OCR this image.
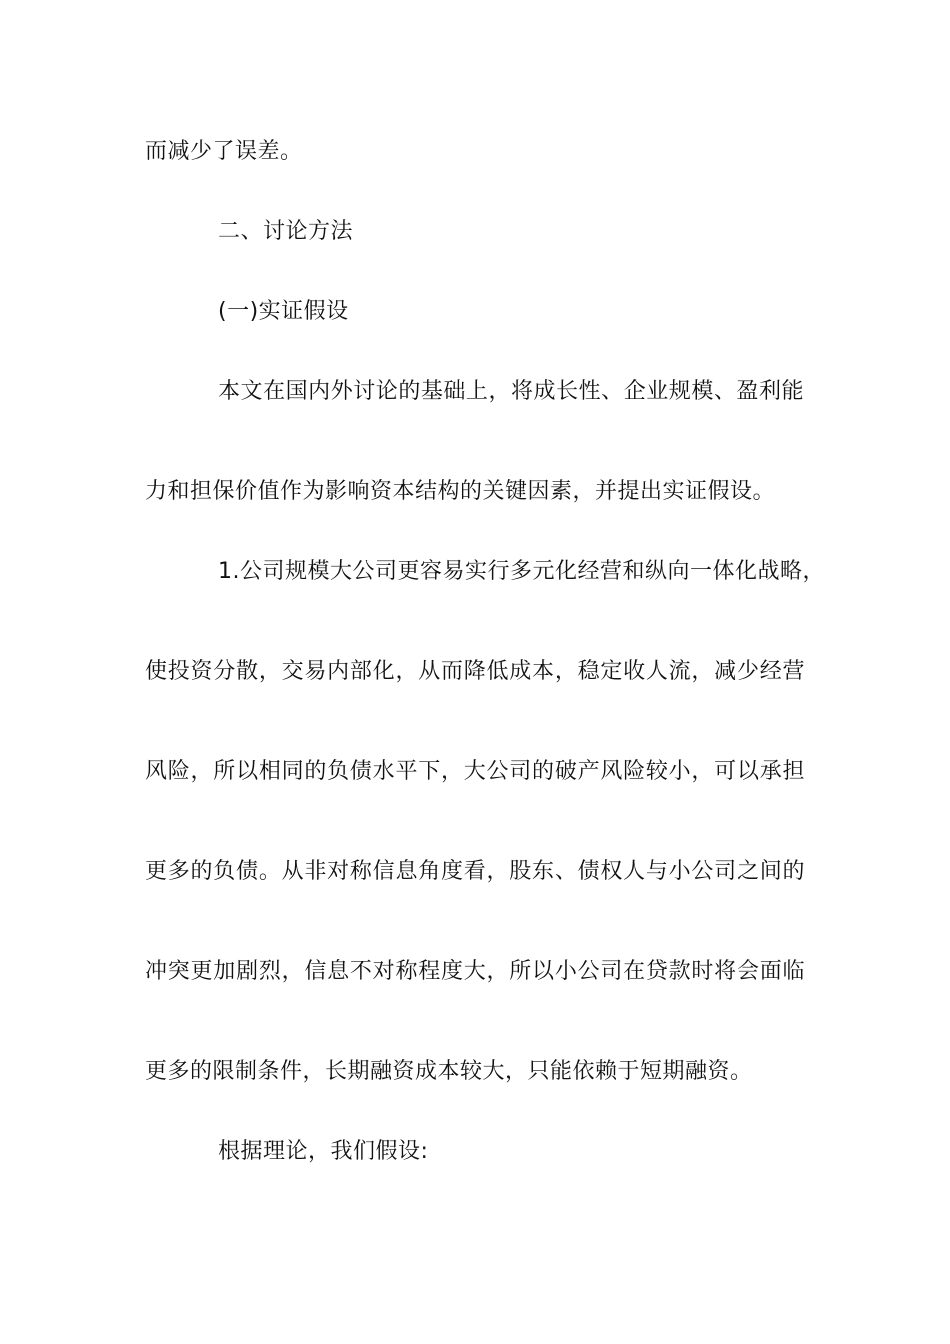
而减少了误差。

二、讨论方法

(一)实证假设

本文在国内外讨论的基础上，将成长性、企业规模、盈利能

力和担保价值作为影响资本结构的关键因素，并提出实证假设。

1.公司规模大公司更容易实行多元化经营和纵向一体化战略，

使投资分散，交易内部化，从而降低成本，稳定收人流，减少经营

风险，所以相同的负债水平下，大公司的破产风险较小，可以承担

更多的负债。从非对称信息角度看，股东、债权人与小公司之间的

冲突更加剧烈，信息不对称程度大，所以小公司在贷款时将会面临

更多的限制条件，长期融资成本较大，只能依赖于短期融资。

根据理论，我们假设:
